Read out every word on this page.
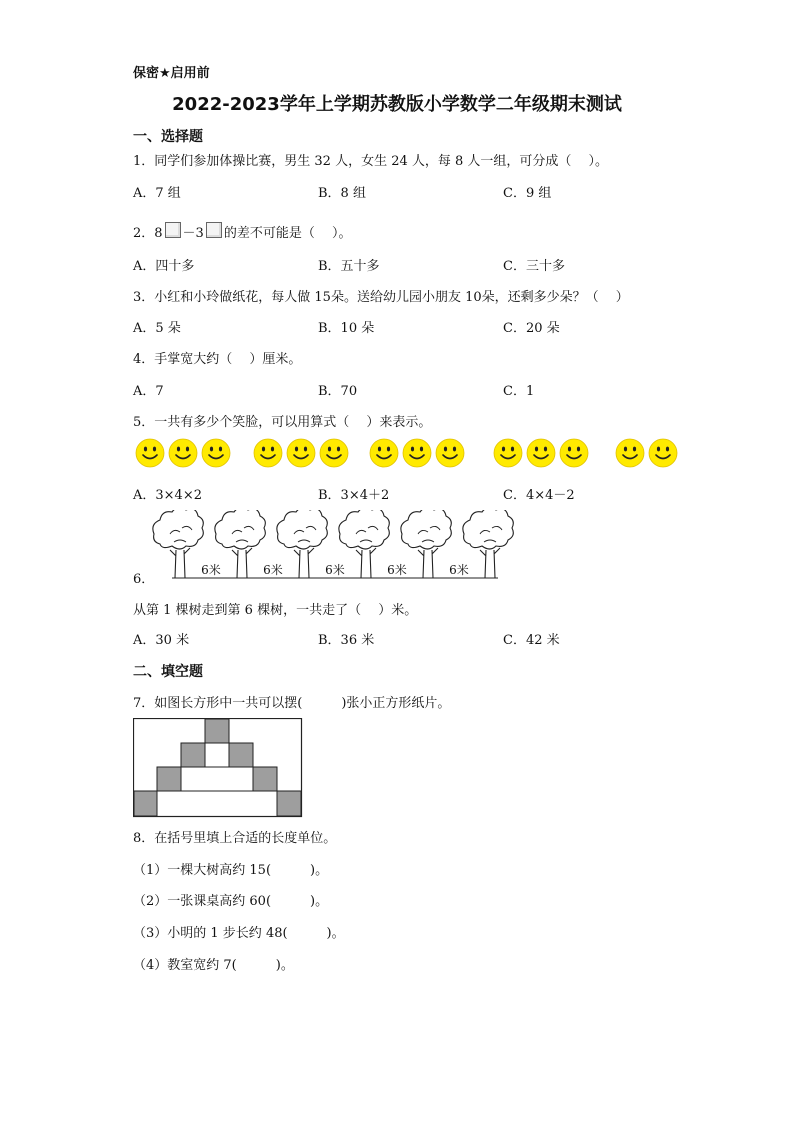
保密★启用前
2022-2023学年上学期苏教版小学数学二年级期末测试
一、选择题
1．同学们参加体操比赛，男生 32 人，女生 24 人，每 8 人一组，可分成（　 ）。
A．7 组	B．8 组	C．9 组
2．8 －3 的差不可能是（　 ）。
A．四十多	B．五十多	C．三十多
3．小红和小玲做纸花，每人做 15朵。送给幼儿园小朋友 10朵，还剩多少朵？（　 ）
A．5 朵	B．10 朵	C．20 朵
4．手掌宽大约（　 ）厘米。
A．7	B．70	C．1
5．一共有多少个笑脸，可以用算式（　 ）来表示。
A．3×4×2	B．3×4＋2	C．4×4－2
6．
6米	6米	6米	6米	6米
从第 1 棵树走到第 6 棵树，一共走了（　 ）米。
A．30 米	B．36 米	C．42 米
二、填空题
7．如图长方形中一共可以摆(　　　)张小正方形纸片。
8．在括号里填上合适的长度单位。
（1）一棵大树高约 15(　　　)。
（2）一张课桌高约 60(　　　)。
（3）小明的 1 步长约 48(　　　)。
（4）教室宽约 7(　　　)。
